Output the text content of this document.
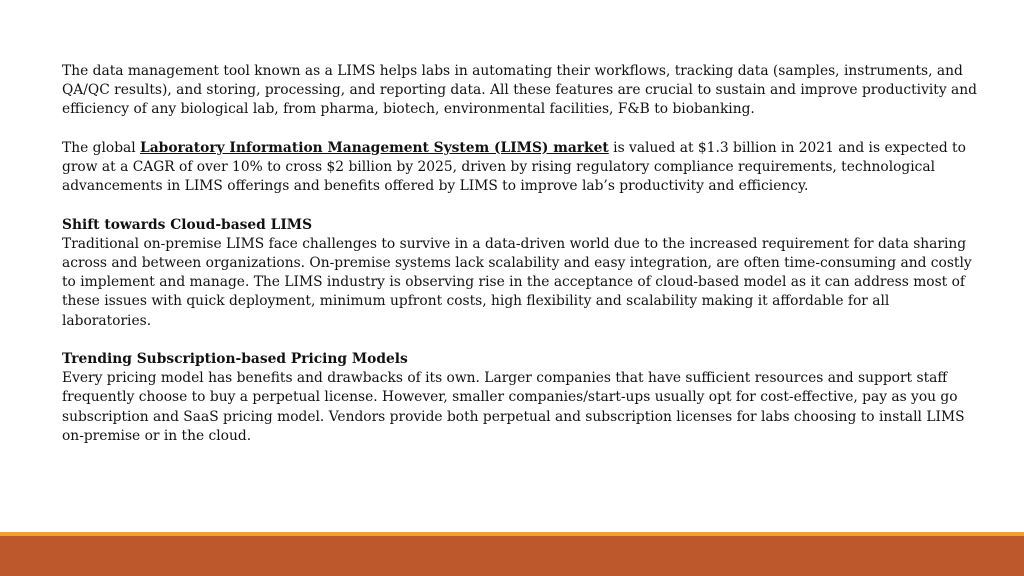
The data management tool known as a LIMS helps labs in automating their workflows, tracking data (samples, instruments, and QA/QC results), and storing, processing, and reporting data. All these features are crucial to sustain and improve productivity and efficiency of any biological lab, from pharma, biotech, environmental facilities, F&B to biobanking.

The global Laboratory Information Management System (LIMS) market is valued at $1.3 billion in 2021 and is expected to grow at a CAGR of over 10% to cross $2 billion by 2025, driven by rising regulatory compliance requirements, technological advancements in LIMS offerings and benefits offered by LIMS to improve lab’s productivity and efficiency.

Shift towards Cloud-based LIMS
Traditional on-premise LIMS face challenges to survive in a data-driven world due to the increased requirement for data sharing across and between organizations. On-premise systems lack scalability and easy integration, are often time-consuming and costly to implement and manage. The LIMS industry is observing rise in the acceptance of cloud-based model as it can address most of these issues with quick deployment, minimum upfront costs, high flexibility and scalability making it affordable for all laboratories.
Trending Subscription-based Pricing Models
Every pricing model has benefits and drawbacks of its own. Larger companies that have sufficient resources and support staff frequently choose to buy a perpetual license. However, smaller companies/start-ups usually opt for cost-effective, pay as you go subscription and SaaS pricing model. Vendors provide both perpetual and subscription licenses for labs choosing to install LIMS on-premise or in the cloud.
